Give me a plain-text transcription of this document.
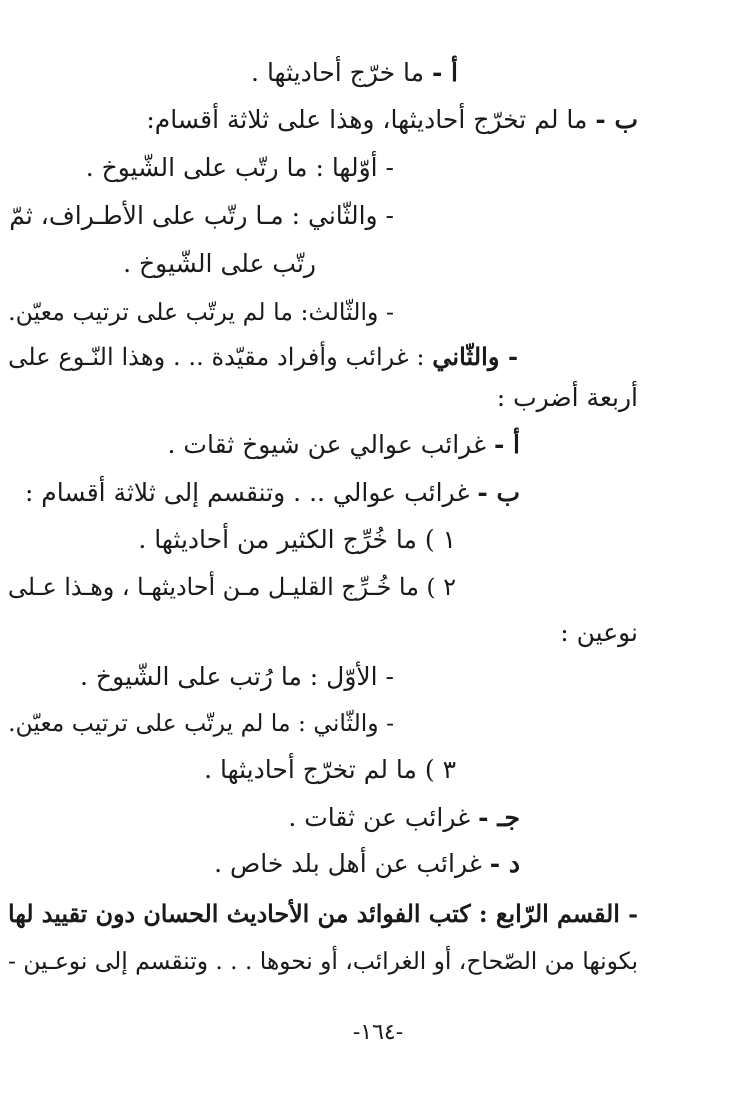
أ - ما خرّج أحاديثها .
ب - ما لم تخرّج أحاديثها، وهذا على ثلاثة أقسام:
- أوّلها : ما رتّب على الشّيوخ .
- والثّاني : مـا رتّب على الأطـراف، ثمّ
رتّب على الشّيوخ .
- والثّالث: ما لم يرتّب على ترتيب معيّن.
- والثّاني : غرائب وأفراد مقيّدة .. . وهذا النّـوع على
أربعة أضرب :
أ - غرائب عوالي عن شيوخ ثقات .
ب - غرائب عوالي .. . وتنقسم إلى ثلاثة أقسام :
١ ) ما خُرِّج الكثير من أحاديثها .
٢ ) ما خُـرِّج القليـل مـن أحاديثهـا ، وهـذا عـلى
نوعين :
- الأوّل : ما رُتب على الشّيوخ .
- والثّاني : ما لم يرتّب على ترتيب معيّن.
٣ ) ما لم تخرّج أحاديثها .
جـ - غرائب عن ثقات .
د - غرائب عن أهل بلد خاص .
- القسم الرّابع : كتب الفوائد من الأحاديث الحسان دون تقييد لها
بكونها من الصّحاح، أو الغرائب، أو نحوها . . . وتنقسم إلى نوعـين -
-١٦٤-
